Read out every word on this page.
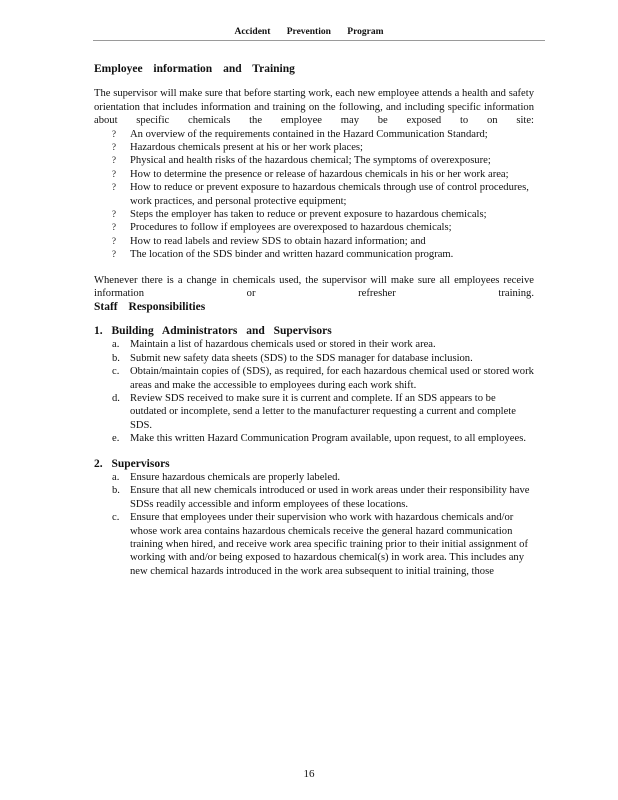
Accident Prevention Program

Employee information and Training

The supervisor will make sure that before starting work, each new employee attends a health and safety orientation that includes information and training on the following, and including specific information about specific chemicals the employee may be exposed to on site:

? An overview of the requirements contained in the Hazard Communication Standard;

? Hazardous chemicals present at his or her work places;

? Physical and health risks of the hazardous chemical; The symptoms of overexposure;

? How to determine the presence or release of hazardous chemicals in his or her work area;

? How to reduce or prevent exposure to hazardous chemicals through use of control procedures, work practices, and personal protective equipment;

? Steps the employer has taken to reduce or prevent exposure to hazardous chemicals;

? Procedures to follow if employees are overexposed to hazardous chemicals;

? How to read labels and review SDS to obtain hazard information; and

? The location of the SDS binder and written hazard communication program.

Whenever there is a change in chemicals used, the supervisor will make sure all employees receive information or refresher training.

Staff Responsibilities

1. Building Administrators and Supervisors

a. Maintain a list of hazardous chemicals used or stored in their work area.

b. Submit new safety data sheets (SDS) to the SDS manager for database inclusion.

c. Obtain/maintain copies of (SDS), as required, for each hazardous chemical used or stored work areas and make the accessible to employees during each work shift.

d. Review SDS received to make sure it is current and complete. If an SDS appears to be outdated or incomplete, send a letter to the manufacturer requesting a current and complete SDS.

e. Make this written Hazard Communication Program available, upon request, to all employees.

2. Supervisors

a. Ensure hazardous chemicals are properly labeled.

b. Ensure that all new chemicals introduced or used in work areas under their responsibility have SDSs readily accessible and inform employees of these locations.

c. Ensure that employees under their supervision who work with hazardous chemicals and/or whose work area contains hazardous chemicals receive the general hazard communication training when hired, and receive work area specific training prior to their initial assignment of working with and/or being exposed to hazardous chemical(s) in work area. This includes any new chemical hazards introduced in the work area subsequent to initial training, those

16
